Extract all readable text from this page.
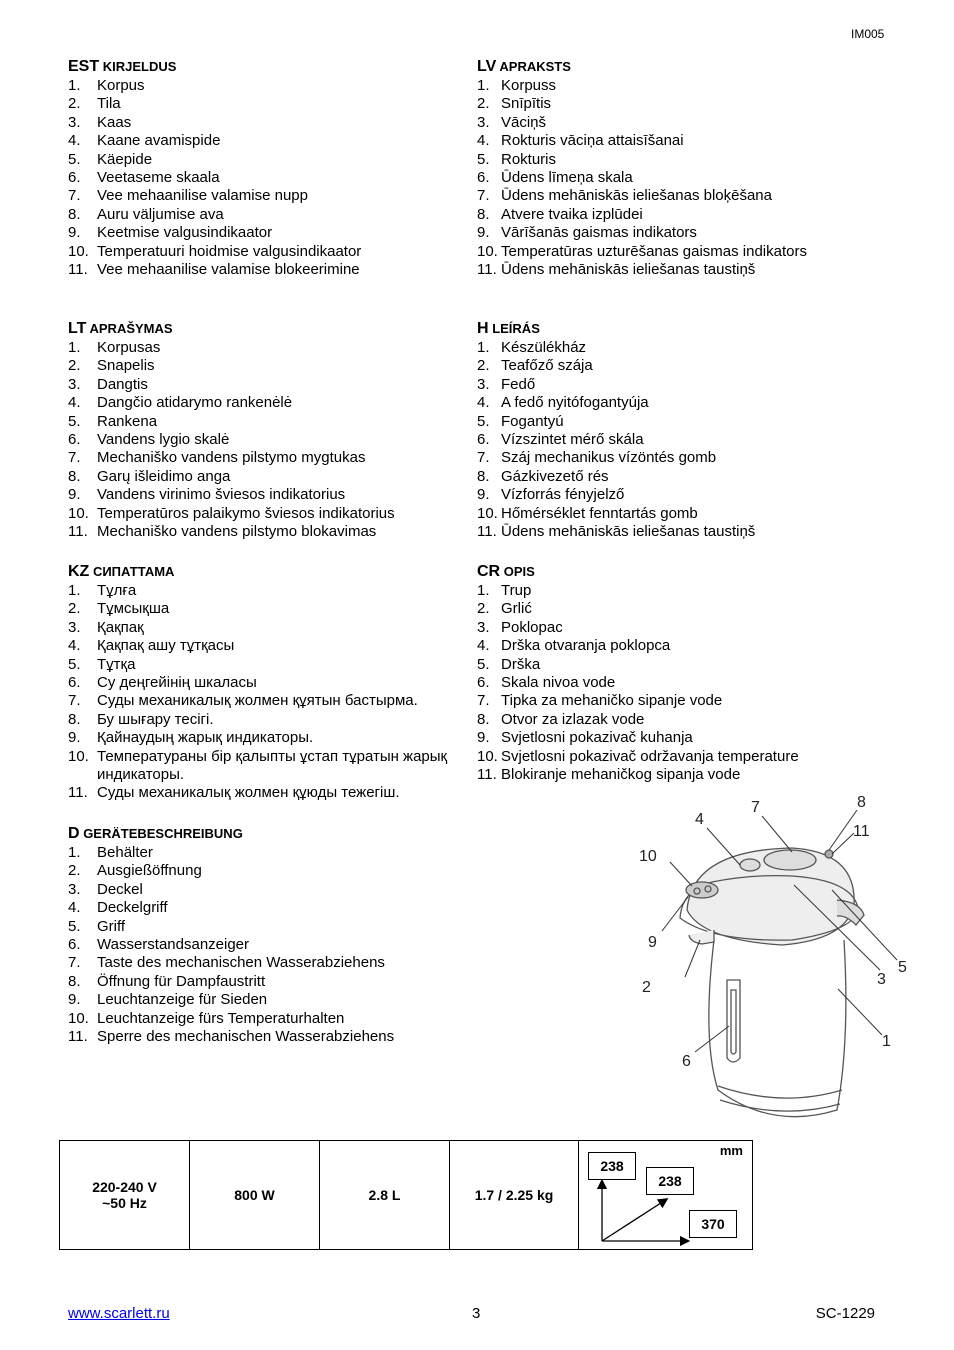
IM005
EST KIRJELDUS
1. Korpus
2. Tila
3. Kaas
4. Kaane avamispide
5. Käepide
6. Veetaseme skaala
7. Vee mehaanilise valamise nupp
8. Auru väljumise ava
9. Keetmise valgusindikaator
10. Temperatuuri hoidmise valgusindikaator
11. Vee mehaanilise valamise blokeerimine
LV APRAKSTS
1. Korpuss
2. Snīpītis
3. Vāciņš
4. Rokturis vāciņa attaisīšanai
5. Rokturis
6. Ūdens līmeņa skala
7. Ūdens mehāniskās ieliešanas bloķēšana
8. Atvere tvaika izplūdei
9. Vārīšanās gaismas indikators
10. Temperatūras uzturēšanas gaismas indikators
11. Ūdens mehāniskās ieliešanas taustiņš
LT APRAŠYMAS
1. Korpusas
2. Snapelis
3. Dangtis
4. Dangčio atidarymo rankenėlė
5. Rankena
6. Vandens lygio skalė
7. Mechaniško vandens pilstymo mygtukas
8. Garų išleidimo anga
9. Vandens virinimo šviesos indikatorius
10. Temperatūros palaikymo šviesos indikatorius
11. Mechaniško vandens pilstymo blokavimas
H LEÍRÁS
1. Készülékház
2. Teafőző szája
3. Fedő
4. A fedő nyitófogantyúja
5. Fogantyú
6. Vízszintet mérő skála
7. Száj mechanikus vízöntés gomb
8. Gázkivezető rés
9. Vízforrás fényjelző
10. Hőmérséklet fenntartás gomb
11. Ūdens mehāniskās ieliešanas taustiņš
KZ СИПАТТАМА
1. Тұлға
2. Тұмсықша
3. Қақпақ
4. Қақпақ ашу тұтқасы
5. Тұтқа
6. Су деңгейінің шкаласы
7. Суды механикалық жолмен құятын бастырма.
8. Бу шығару тесігі.
9. Қайнаудың жарық индикаторы.
10. Температураны бір қалыпты ұстап тұратын жарық индикаторы.
11. Суды механикалық жолмен құюды тежегіш.
CR OPIS
1. Trup
2. Grlić
3. Poklopac
4. Drška otvaranja poklopca
5. Drška
6. Skala nivoa vode
7. Tipka za mehaničko sipanje vode
8. Otvor za izlazak vode
9. Svjetlosni pokazivač kuhanja
10. Svjetlosni pokazivač održavanja temperature
11. Blokiranje mehaničkog sipanja vode
D GERÄTEBESCHREIBUNG
1. Behälter
2. Ausgießöffnung
3. Deckel
4. Deckelgriff
5. Griff
6. Wasserstandsanzeiger
7. Taste des mechanischen Wasserabziehens
8. Öffnung für Dampfaustritt
9. Leuchtanzeige für Sieden
10. Leuchtanzeige fürs Temperaturhalten
11. Sperre des mechanischen Wasserabziehens	1
2	3
4
5
6
7	8
9
10
11
220-240 V
~50 Hz	800 W	2.8 L	1.7 / 2.25 kg	
mm
238
238
370
www.scarlett.ru	3	SC-1229
